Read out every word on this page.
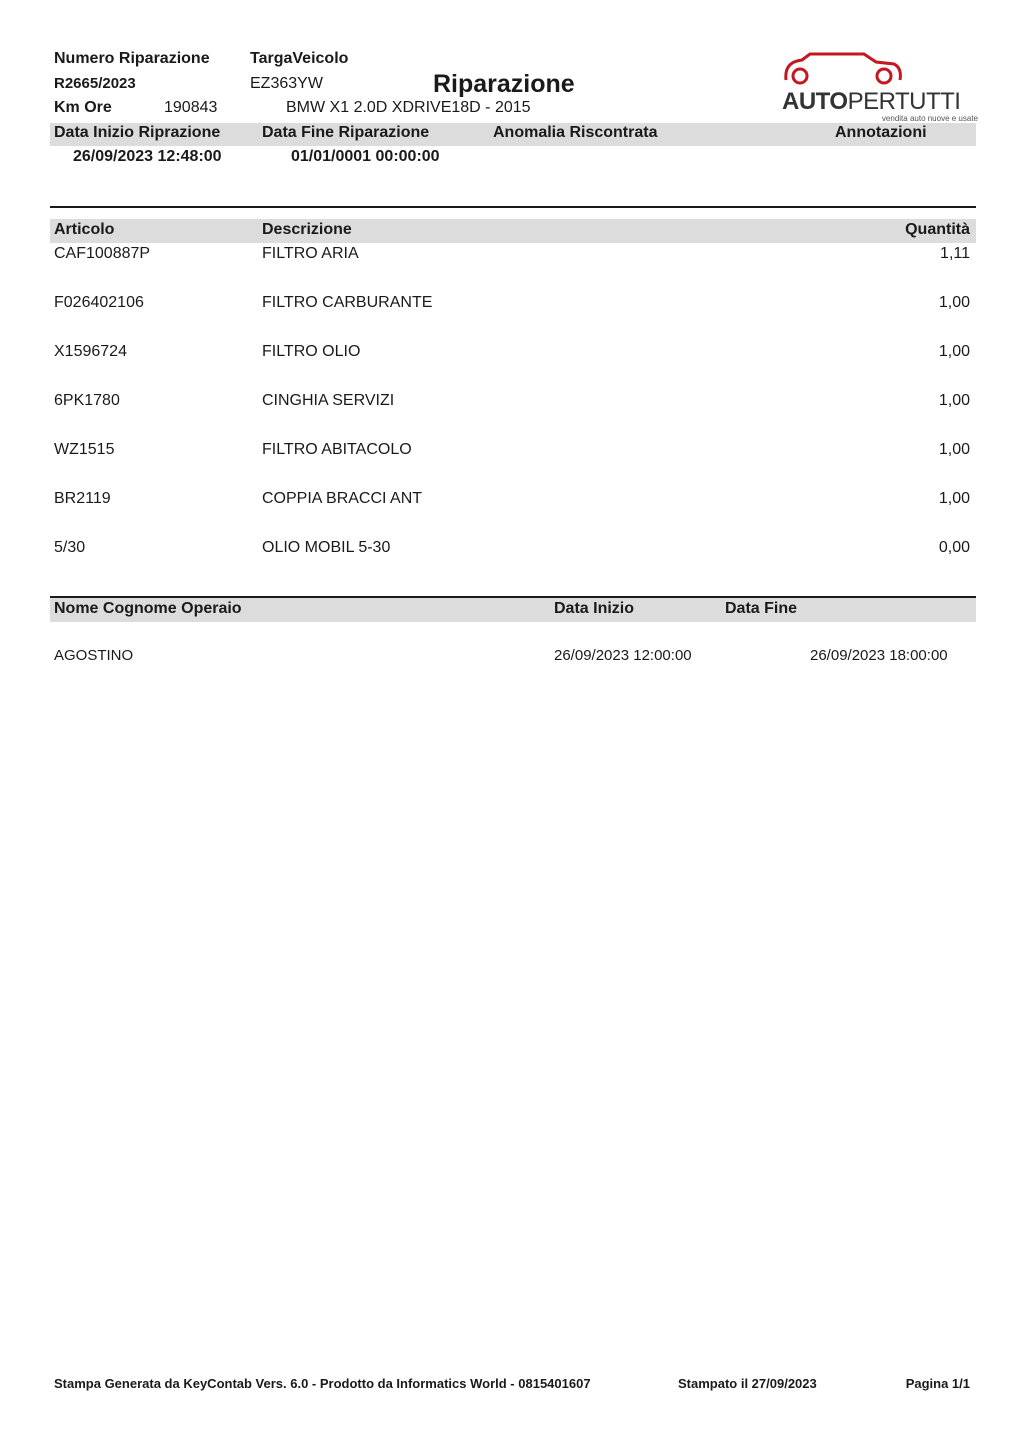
Numero Riparazione
R2665/2023
Km Ore	190843
TargaVeicolo
EZ363YW	Riparazione
BMW X1 2.0D XDRIVE18D - 2015	AUTOPERTUTTI
vendita auto nuove e usate
Data Inizio Riprazione	Data Fine Riparazione	Anomalia Riscontrata	Annotazioni
26/09/2023 12:48:00	01/01/0001 00:00:00
Articolo	Descrizione	Quantità
CAF100887P	FILTRO ARIA	1,11
F026402106	FILTRO CARBURANTE	1,00
X1596724	FILTRO OLIO	1,00
6PK1780	CINGHIA SERVIZI	1,00
WZ1515	FILTRO ABITACOLO	1,00
BR2119	COPPIA BRACCI ANT	1,00
5/30	OLIO MOBIL 5-30	0,00
Nome Cognome Operaio	Data Inizio	Data Fine
AGOSTINO	26/09/2023 12:00:00	26/09/2023 18:00:00
Stampa Generata da KeyContab Vers. 6.0 - Prodotto da Informatics World - 0815401607	Stampato il 27/09/2023	Pagina 1/1
